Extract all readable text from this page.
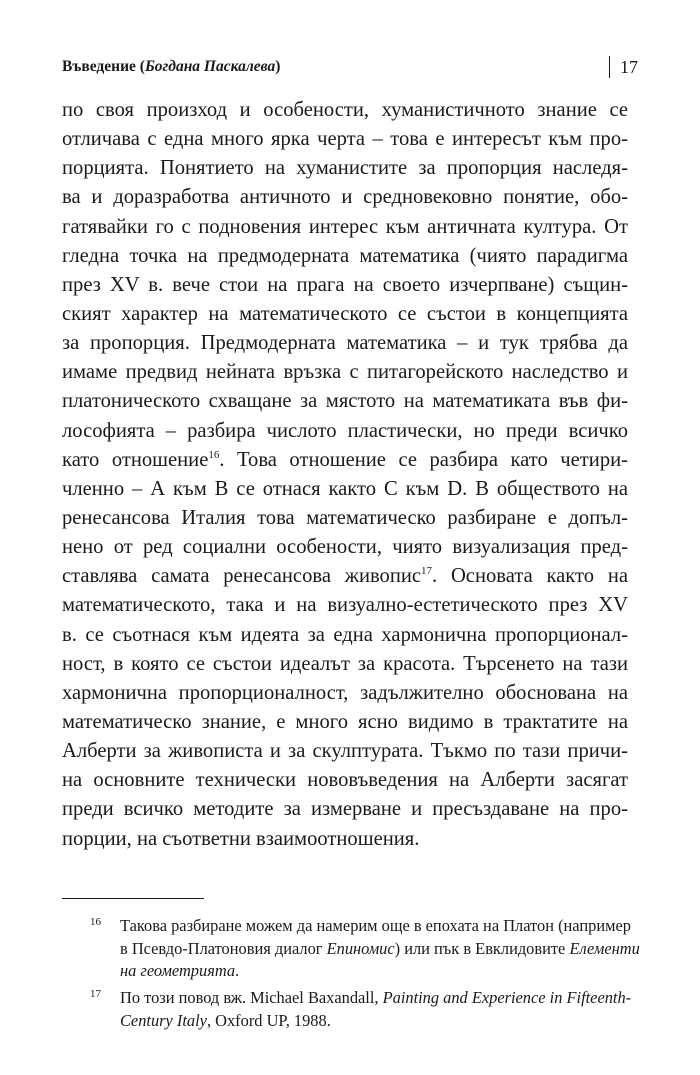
Въведение (Богдана Паскалева)	17
по своя произход и особености, хуманистичното знание се
отличава с една много ярка черта – това е интересът към про-
порцията. Понятието на хуманистите за пропорция наследя-
ва и доразработва античното и средновековно понятие, обо-
гатявайки го с подновения интерес към античната култура. От
гледна точка на предмодерната математика (чиято парадигма
през XV в. вече стои на прага на своето изчерпване) същин-
ският характер на математическото се състои в концепцията
за пропорция. Предмодерната математика – и тук трябва да
имаме предвид нейната връзка с питагорейското наследство и
платоническото схващане за мястото на математиката във фи-
лософията – разбира числото пластически, но преди всичко
като отношение$^{16}$. Това отношение се разбира като четири-
членно – А към В се отнася както С към D. В обществото на
ренесансова Италия това математическо разбиране е допъл-
нено от ред социални особености, чиято визуализация пред-
ставлява самата ренесансова живопис$^{17}$. Основата както на
математическото, така и на визуално-естетическото през XV
в. се съотнася към идеята за една хармонична пропорционал-
ност, в която се състои идеалът за красота. Търсенето на тази
хармонична пропорционалност, задължително обоснована на
математическо знание, е много ясно видимо в трактатите на
Алберти за живописта и за скулптурата. Тъкмо по тази причи-
на основните технически нововъведения на Алберти засягат
преди всичко методите за измерване и пресъздаване на про-
порции, на съответни взаимоотношения.
16 Такова разбиране можем да намерим още в епохата на Платон (например
в Псевдо-Платоновия диалог Епиномис) или пък в Евклидовите Елементи
на геометрията.
17 По този повод вж. Michael Baxandall, Painting and Experience in Fifteenth-
Century Italy, Oxford UP, 1988.
